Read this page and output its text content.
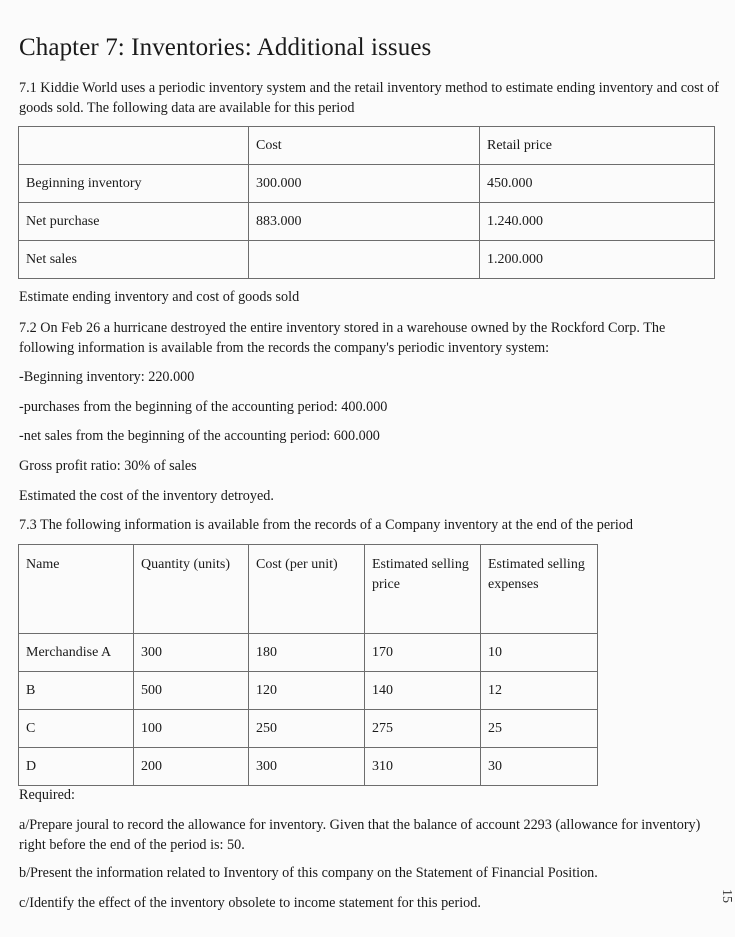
Chapter 7: Inventories: Additional issues
7.1 Kiddie World uses a periodic inventory system and the retail inventory method to estimate ending inventory and cost of goods sold. The following data are available for this period
	Cost	Retail price
Beginning inventory	300.000	450.000
Net purchase	883.000	1.240.000
Net sales		1.200.000
Estimate ending inventory and cost of goods sold
7.2 On Feb 26 a hurricane destroyed the entire inventory stored in a warehouse owned by the Rockford Corp. The following information is available from the records the company's periodic inventory system:
-Beginning inventory: 220.000
-purchases from the beginning of the accounting period: 400.000
-net sales from the beginning of the accounting period: 600.000
Gross profit ratio: 30% of sales
Estimated the cost of the inventory detroyed.
7.3 The following information is available from the records of a Company inventory at the end of the period
Name	Quantity (units)	Cost (per unit)	Estimated selling price	Estimated selling expenses
Merchandise A	300	180	170	10
B	500	120	140	12
C	100	250	275	25
D	200	300	310	30
Required:
a/Prepare joural to record the allowance for inventory. Given that the balance of account 2293 (allowance for inventory) right before the end of the period is: 50.
b/Present the information related to Inventory of this company on the Statement of Financial Position.
c/Identify the effect of the inventory obsolete to income statement for this period.	15
